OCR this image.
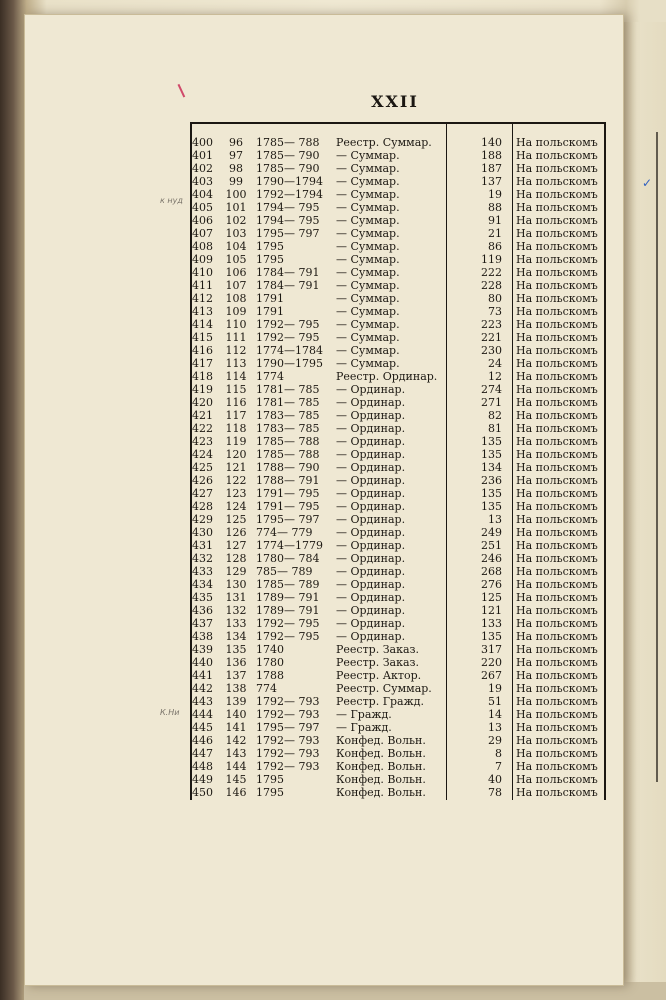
✓
XXII
к нуд
К.Ни
400	96	1785— 788	Реестр. Суммар.	140 На польскомъ
401	97	1785— 790	— Суммар.	188 На польскомъ
402	98	1785— 790	— Суммар.	187 На польскомъ
403	99	1790—1794	— Суммар.	137 На польскомъ
404	100 1792—1794	— Суммар.	19 На польскомъ
405	101 1794— 795	— Суммар.	88 На польскомъ
406	102 1794— 795	— Суммар.	91 На польскомъ
407	103 1795— 797	— Суммар.	21 На польскомъ
408	104 1795	— Суммар.	86 На польскомъ
409	105 1795	— Суммар.	119 На польскомъ
410	106 1784— 791	— Суммар.	222 На польскомъ
411	107 1784— 791	— Суммар.	228 На польскомъ
412	108 1791	— Суммар.	80 На польскомъ
413	109 1791	— Суммар.	73 На польскомъ
414	110 1792— 795	— Суммар.	223 На польскомъ
415	111 1792— 795	— Суммар.	221 На польскомъ
416	112 1774—1784	— Суммар.	230 На польскомъ
417	113 1790—1795	— Суммар.	24 На польскомъ
418	114 1774	Реестр. Ординар.	12 На польскомъ
419	115 1781— 785	— Ординар.	274 На польскомъ
420	116 1781— 785	— Ординар.	271 На польскомъ
421	117 1783— 785	— Ординар.	82 На польскомъ
422	118 1783— 785	— Ординар.	81 На польскомъ
423	119 1785— 788	— Ординар.	135 На польскомъ
424	120 1785— 788	— Ординар.	135 На польскомъ
425	121 1788— 790	— Ординар.	134 На польскомъ
426	122 1788— 791	— Ординар.	236 На польскомъ
427	123 1791— 795	— Ординар.	135 На польскомъ
428	124 1791— 795	— Ординар.	135 На польскомъ
429	125 1795— 797	— Ординар.	13 На польскомъ
430	126 774— 779	— Ординар.	249 На польскомъ
431	127 1774—1779	— Ординар.	251 На польскомъ
432	128 1780— 784	— Ординар.	246 На польскомъ
433	129 785— 789	— Ординар.	268 На польскомъ
434	130 1785— 789	— Ординар.	276 На польскомъ
435	131 1789— 791	— Ординар.	125 На польскомъ
436	132 1789— 791	— Ординар.	121 На польскомъ
437	133 1792— 795	— Ординар.	133 На польскомъ
438	134 1792— 795	— Ординар.	135 На польскомъ
439	135 1740	Реестр. Заказ.	317 На польскомъ
440	136 1780	Реестр. Заказ.	220 На польскомъ
441	137 1788	Реестр. Актор.	267 На польскомъ
442	138 774	Реестр. Суммар.	19 На польскомъ
443	139 1792— 793	Реестр. Гражд.	51 На польскомъ
444	140 1792— 793	— Гражд.	14 На польскомъ
445	141 1795— 797	— Гражд.	13 На польскомъ
446	142 1792— 793	Конфед. Вольн.	29 На польскомъ
447	143 1792— 793	Конфед. Вольн.	8 На польскомъ
448	144 1792— 793	Конфед. Вольн.	7 На польскомъ
449	145 1795	Конфед. Вольн.	40 На польскомъ
450	146 1795	Конфед. Вольн.	78 На польскомъ
